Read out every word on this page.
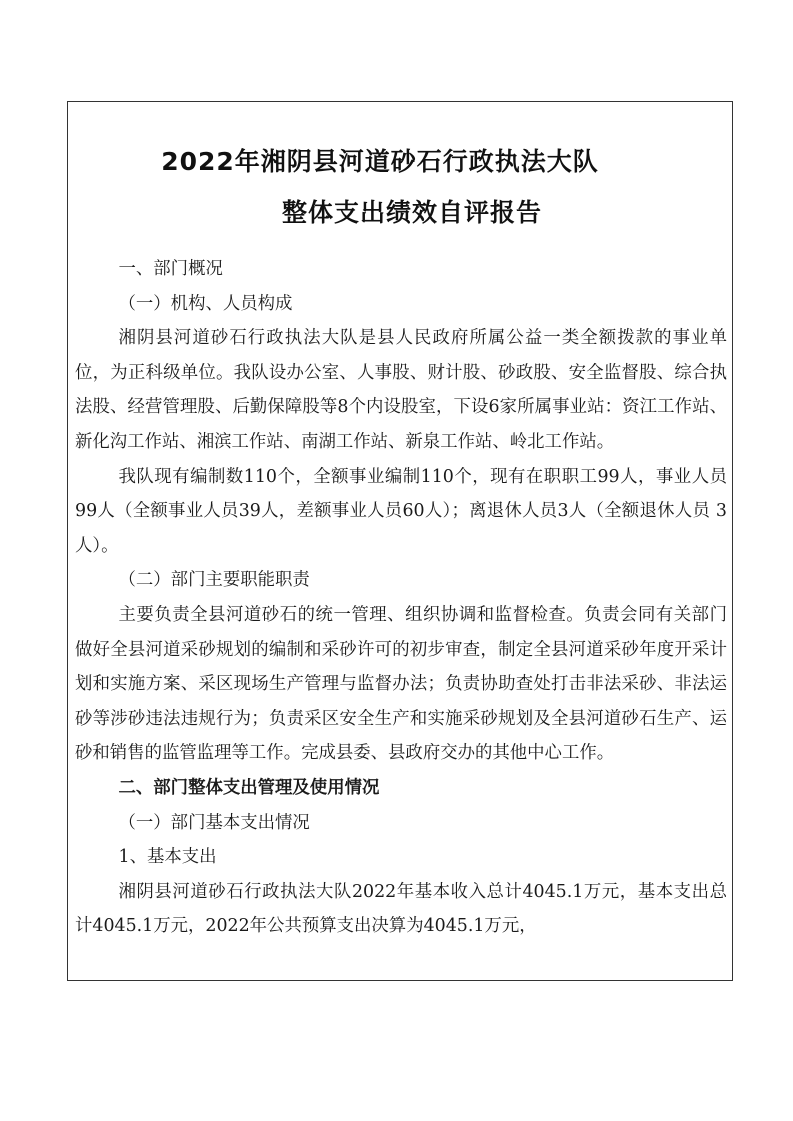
2022年湘阴县河道砂石行政执法大队
整体支出绩效自评报告

一、部门概况

（一）机构、人员构成

湘阴县河道砂石行政执法大队是县人民政府所属公益一类全额拨款的事业单位，为正科级单位。我队设办公室、人事股、财计股、砂政股、安全监督股、综合执法股、经营管理股、后勤保障股等8个内设股室，下设6家所属事业站：资江工作站、新化沟工作站、湘滨工作站、南湖工作站、新泉工作站、岭北工作站。

我队现有编制数110个，全额事业编制110个，现有在职职工99人，事业人员99人（全额事业人员39人，差额事业人员60人）；离退休人员3人（全额退休人员 3人）。

（二）部门主要职能职责

主要负责全县河道砂石的统一管理、组织协调和监督检查。负责会同有关部门做好全县河道采砂规划的编制和采砂许可的初步审查，制定全县河道采砂年度开采计划和实施方案、采区现场生产管理与监督办法；负责协助查处打击非法采砂、非法运砂等涉砂违法违规行为；负责采区安全生产和实施采砂规划及全县河道砂石生产、运砂和销售的监管监理等工作。完成县委、县政府交办的其他中心工作。

二、部门整体支出管理及使用情况

（一）部门基本支出情况

1、基本支出

湘阴县河道砂石行政执法大队2022年基本收入总计4045.1万元，基本支出总计4045.1万元，2022年公共预算支出决算为4045.1万元，
